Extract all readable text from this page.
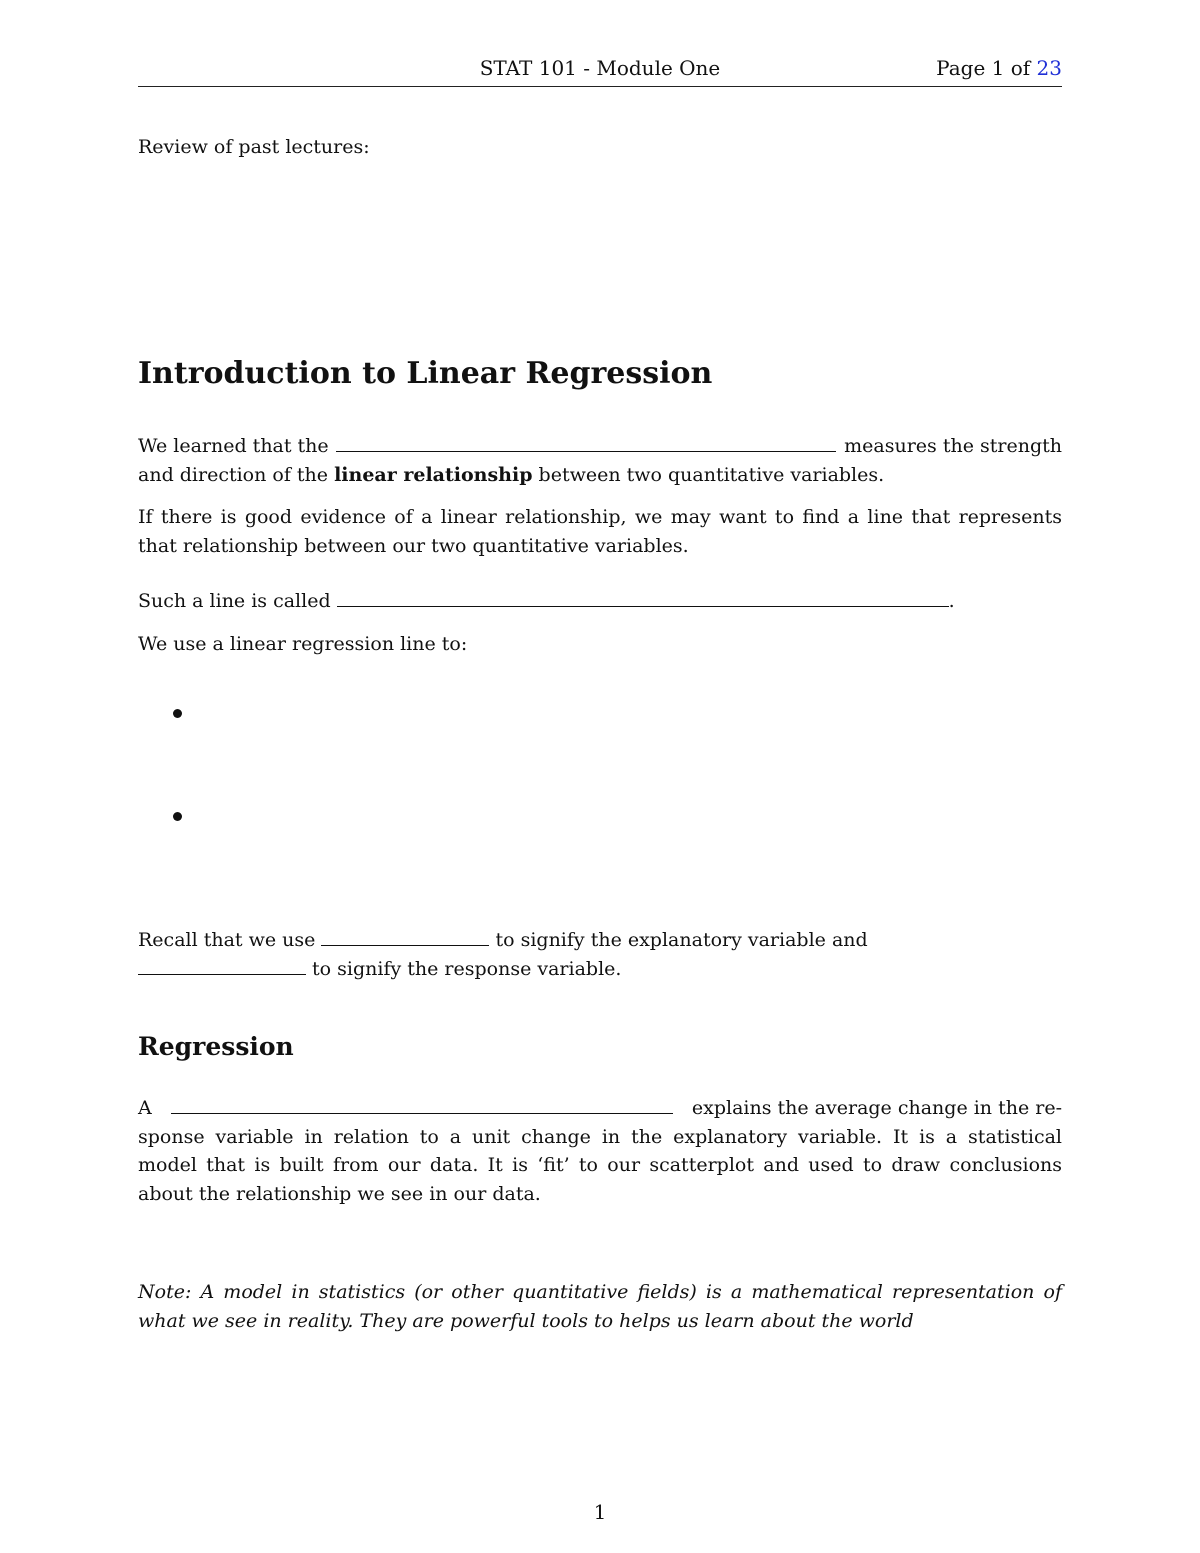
STAT 101 - Module One	Page 1 of 23
Review of past lectures:
Introduction to Linear Regression
We learned that the	measures the strength
and direction of the linear relationship between two quantitative variables.
If there is good evidence of a linear relationship, we may want to find a line that represents
that relationship between our two quantitative variables.
Such a line is called	.
We use a linear regression line to:
Recall that we use	to signify the explanatory variable and
to signify the response variable.
Regression
A	explains the average change in the re-
sponse variable in relation to a unit change in the explanatory variable. It is a statistical
model that is built from our data. It is ‘fit’ to our scatterplot and used to draw conclusions
about the relationship we see in our data.
Note: A model in statistics (or other quantitative fields) is a mathematical representation of
what we see in reality. They are powerful tools to helps us learn about the world
1
